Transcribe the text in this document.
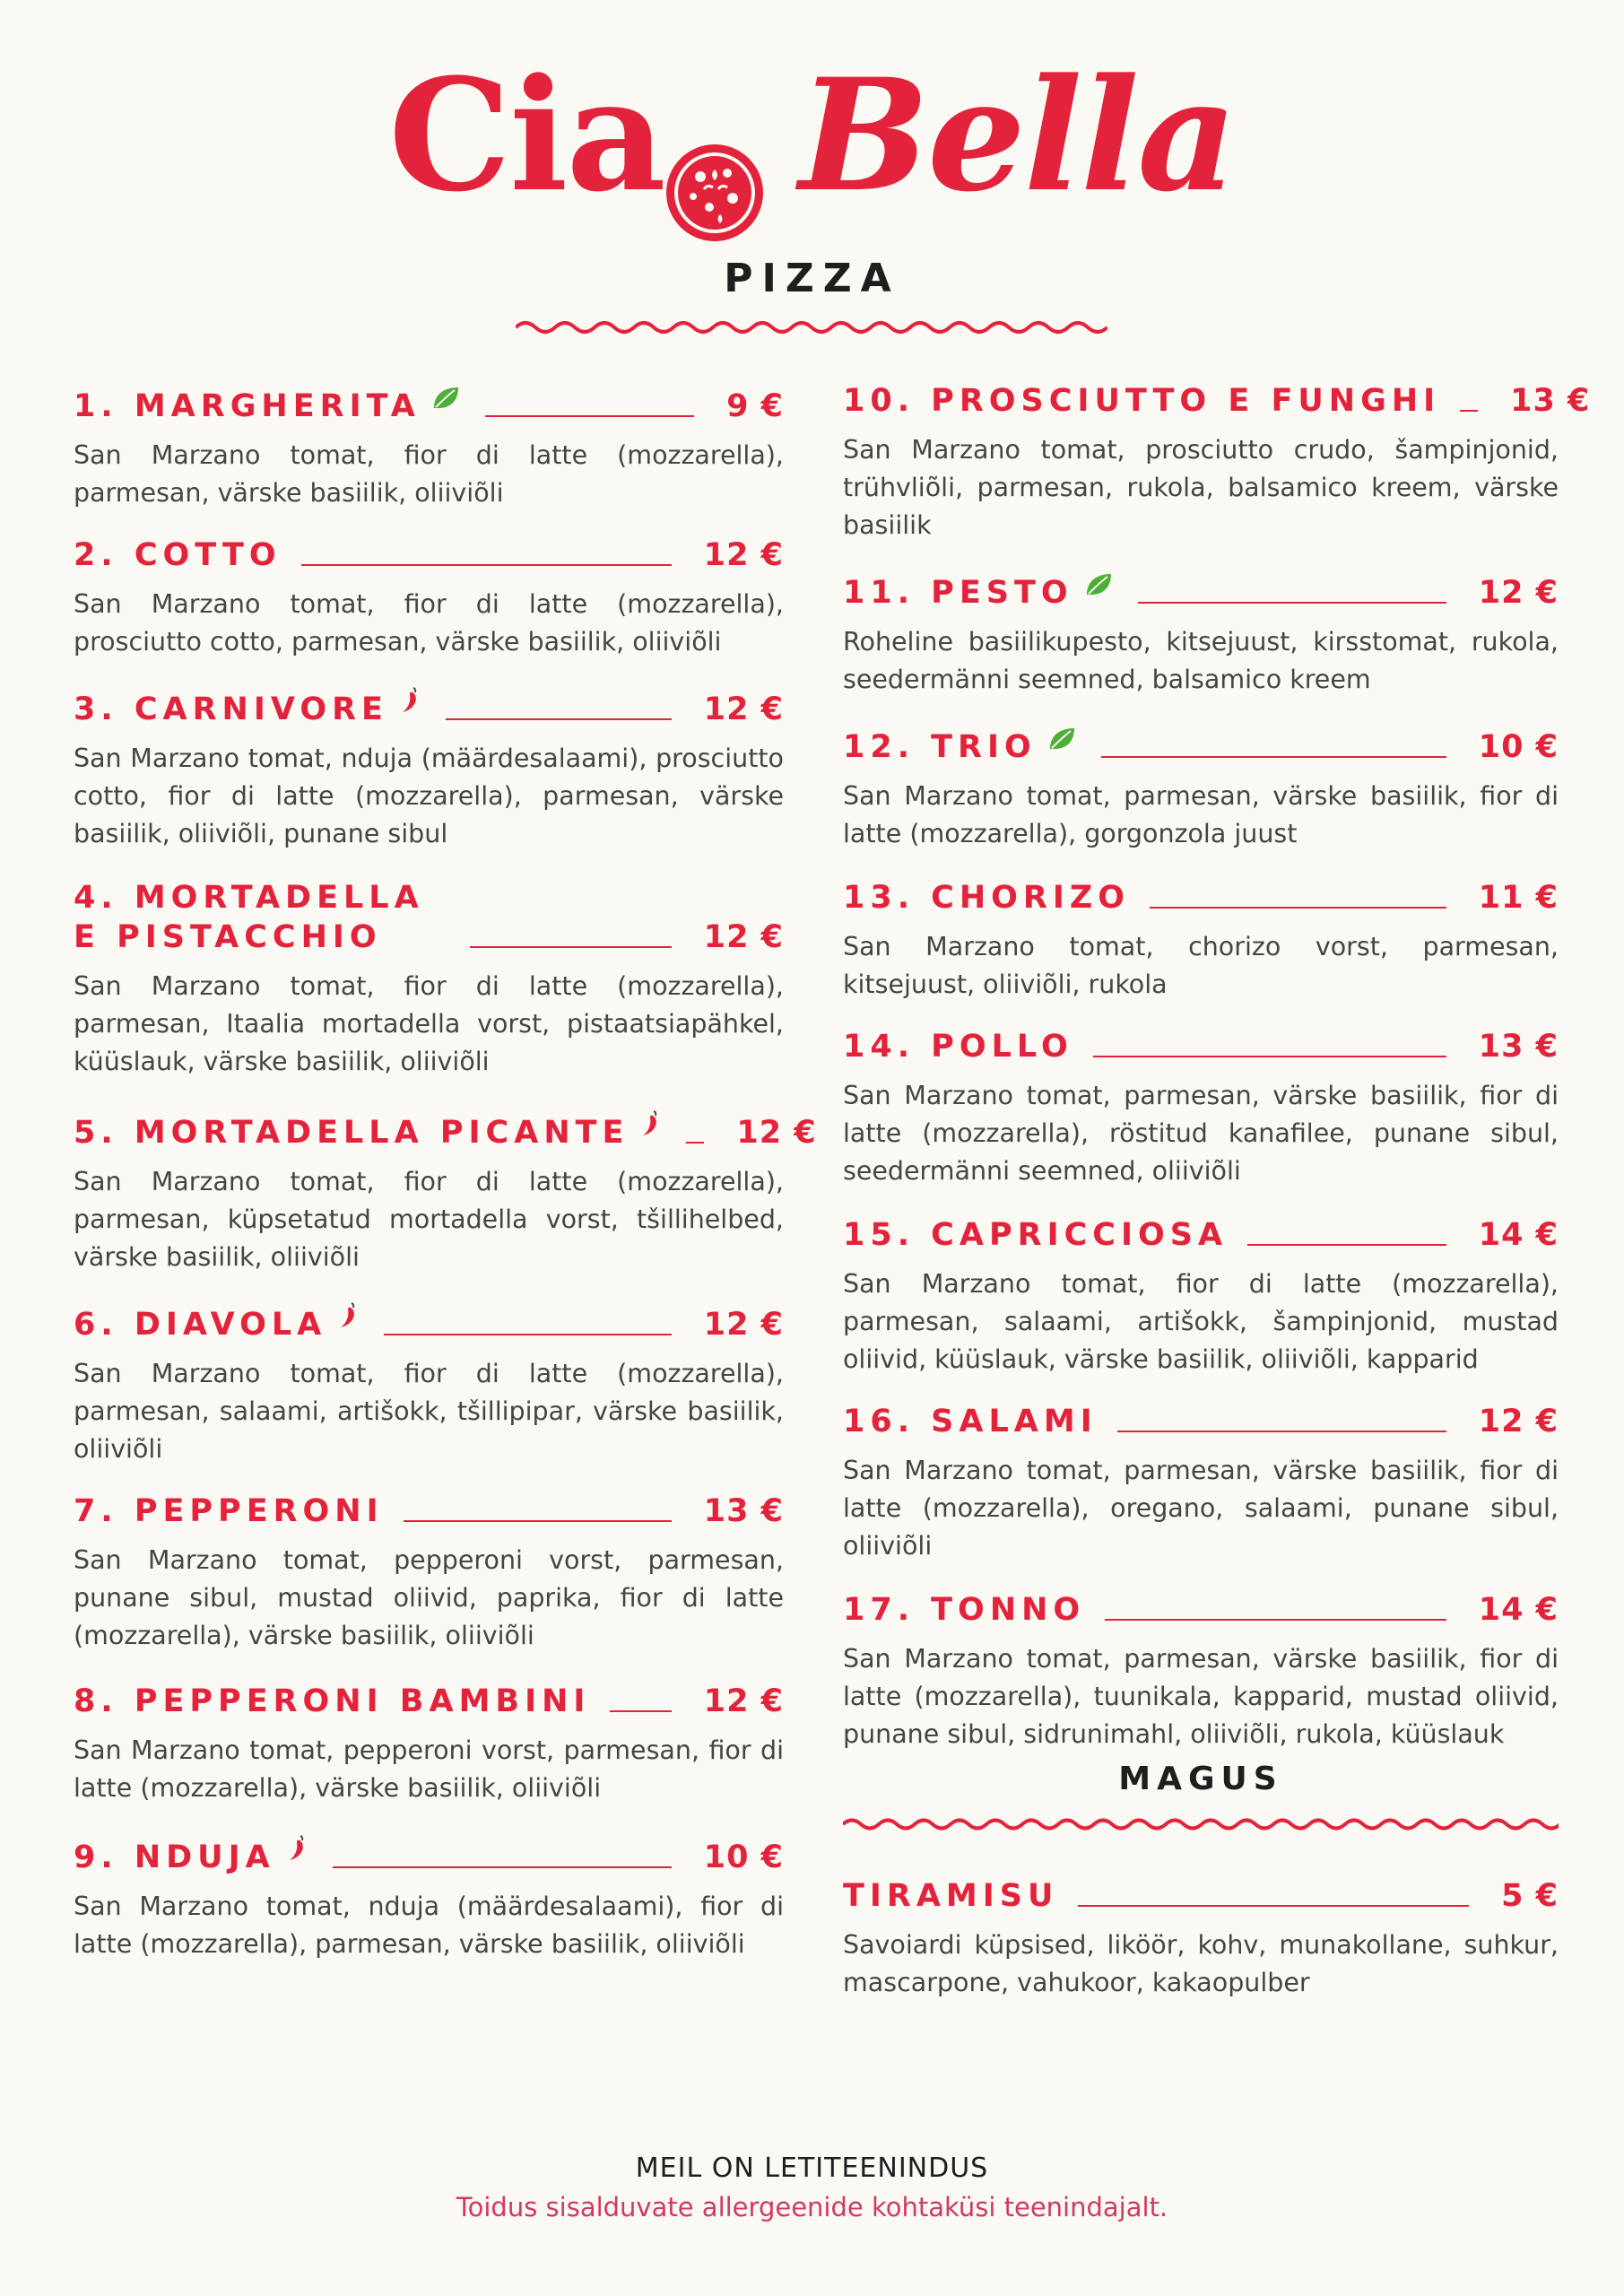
Cia Bella
PIZZA
1. MARGHERITA	9 €
San Marzano tomat, fior di latte (mozzarella), parmesan, värske basiilik, oliiviõli
2. COTTO	12 €
San Marzano tomat, fior di latte (mozzarella), prosciutto cotto, parmesan, värske basiilik, oliiviõli
3. CARNIVORE	12 €
San Marzano tomat, nduja (määrdesalaami), prosciutto cotto, fior di latte (mozzarella), parmesan, värske basiilik, oliiviõli, punane sibul
4. MORTADELLA E PISTACCHIO	12 €
San Marzano tomat, fior di latte (mozzarella), parmesan, Itaalia mortadella vorst, pistaatsiapähkel, küüslauk, värske basiilik, oliiviõli
5. MORTADELLA PICANTE	12 €
San Marzano tomat, fior di latte (mozzarella), parmesan, küpsetatud mortadella vorst, tšillihelbed, värske basiilik, oliiviõli
6. DIAVOLA	12 €
San Marzano tomat, fior di latte (mozzarella), parmesan, salaami, artišokk, tšillipipar, värske basiilik, oliiviõli
7. PEPPERONI	13 €
San Marzano tomat, pepperoni vorst, parmesan, punane sibul, mustad oliivid, paprika, fior di latte (mozzarella), värske basiilik, oliiviõli
8. PEPPERONI BAMBINI	12 €
San Marzano tomat, pepperoni vorst, parmesan, fior di latte (mozzarella), värske basiilik, oliiviõli
9. NDUJA	10 €
San Marzano tomat, nduja (määrdesalaami), fior di latte (mozzarella), parmesan, värske basiilik, oliiviõli
10. PROSCIUTTO E FUNGHI 13 €
San Marzano tomat, prosciutto crudo, šampinjonid, trühvliõli, parmesan, rukola, balsamico kreem, värske basiilik
11. PESTO	12 €
Roheline basiilikupesto, kitsejuust, kirsstomat, rukola, seedermänni seemned, balsamico kreem
12. TRIO	10 €
San Marzano tomat, parmesan, värske basiilik, fior di latte (mozzarella), gorgonzola juust
13. CHORIZO	11 €
San Marzano tomat, chorizo vorst, parmesan, kitsejuust, oliiviõli, rukola
14. POLLO	13 €
San Marzano tomat, parmesan, värske basiilik, fior di latte (mozzarella), röstitud kanafilee, punane sibul, seedermänni seemned, oliiviõli
15. CAPRICCIOSA	14 €
San Marzano tomat, fior di latte (mozzarella), parmesan, salaami, artišokk, šampinjonid, mustad oliivid, küüslauk, värske basiilik, oliiviõli, kapparid
16. SALAMI	12 €
San Marzano tomat, parmesan, värske basiilik, fior di latte (mozzarella), oregano, salaami, punane sibul, oliiviõli
17. TONNO	14 €
San Marzano tomat, parmesan, värske basiilik, fior di latte (mozzarella), tuunikala, kapparid, mustad oliivid, punane sibul, sidrunimahl, oliiviõli, rukola, küüslauk
MAGUS
TIRAMISU	5 €
Savoiardi küpsised, liköör, kohv, munakollane, suhkur, mascarpone, vahukoor, kakaopulber
MEIL ON LETITEENINDUS
Toidus sisalduvate allergeenide kohtaküsi teenindajalt.
